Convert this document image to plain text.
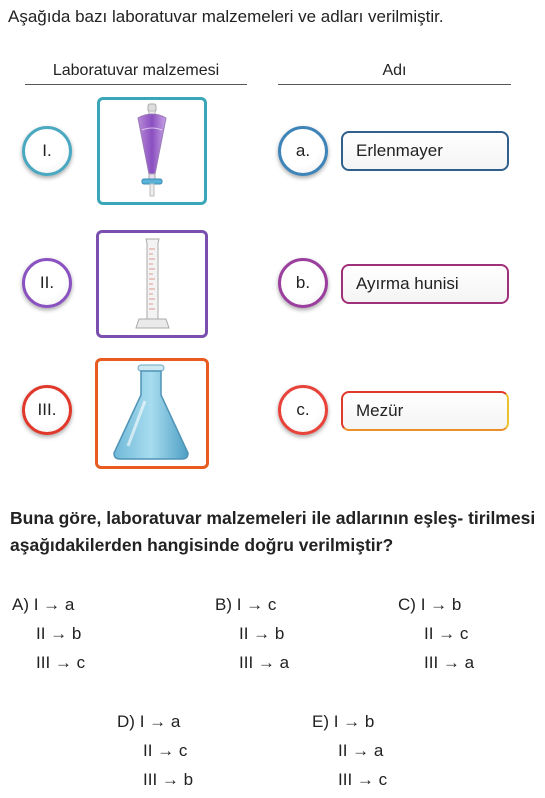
Aşağıda bazı laboratuvar malzemeleri ve adları verilmiştir.
Laboratuvar malzemesi	Adı
I.	a.	Erlenmayer
II.	b.	Ayırma hunisi
III.	c.	Mezür
Buna göre, laboratuvar malzemeleri ile adlarının eşleş- tirilmesi aşağıdakilerden hangisinde doğru verilmiştir?
A) I → a
II → b
III → c
B) I → c
II → b
III → a
C) I → b
II → c
III → a
D) I → a
II → c
III → b
E) I → b
II → a
III → c
